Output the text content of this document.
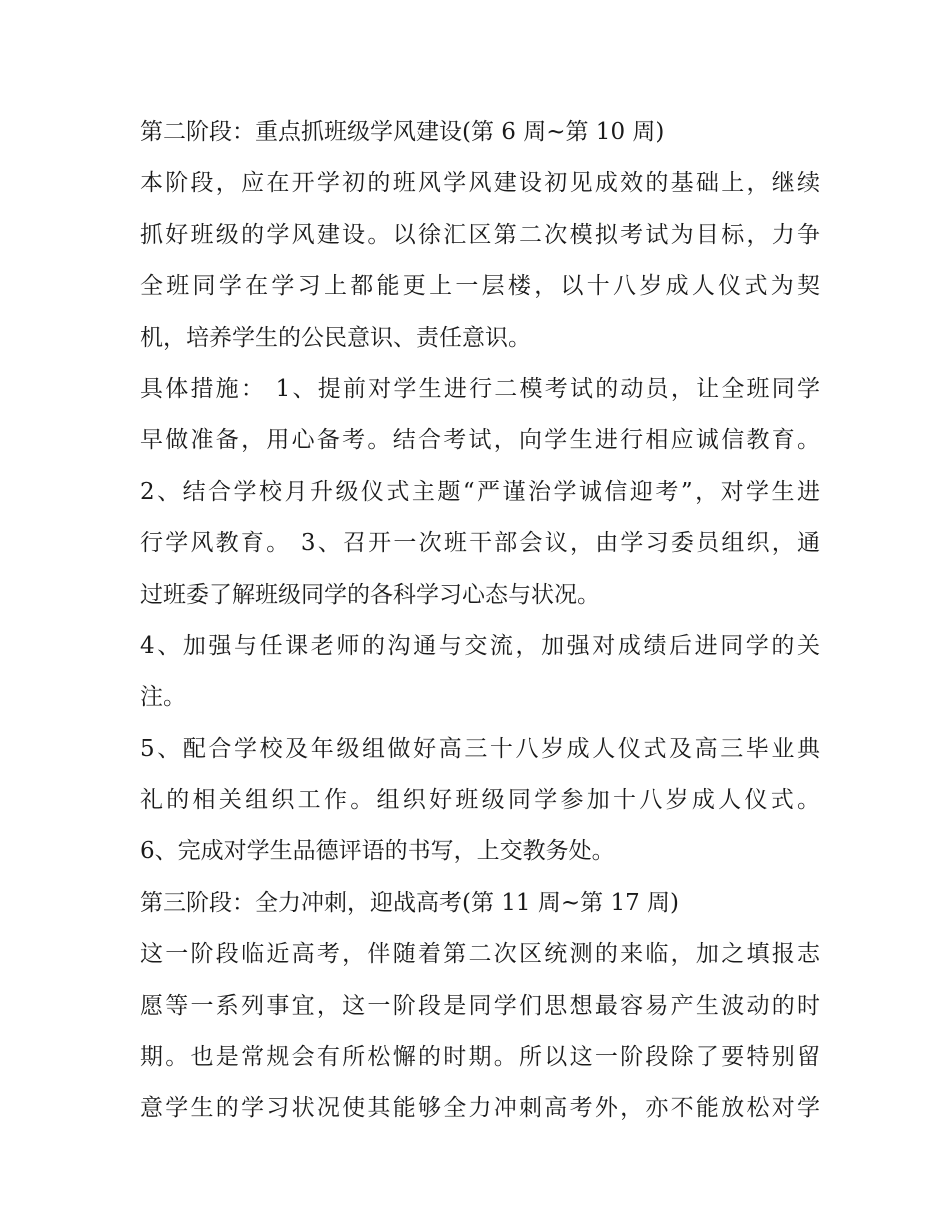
第二阶段：重点抓班级学风建设(第 6 周~第 10 周)
本阶段，应在开学初的班风学风建设初见成效的基础上，继续
抓好班级的学风建设。以徐汇区第二次模拟考试为目标，力争
全班同学在学习上都能更上一层楼，以十八岁成人仪式为契
机，培养学生的公民意识、责任意识。
具体措施： 1、提前对学生进行二模考试的动员，让全班同学
早做准备，用心备考。结合考试，向学生进行相应诚信教育。
2、结合学校月升级仪式主题“严谨治学诚信迎考”，对学生进
行学风教育。 3、召开一次班干部会议，由学习委员组织，通
过班委了解班级同学的各科学习心态与状况。
4、加强与任课老师的沟通与交流，加强对成绩后进同学的关
注。
5、配合学校及年级组做好高三十八岁成人仪式及高三毕业典
礼的相关组织工作。组织好班级同学参加十八岁成人仪式。
6、完成对学生品德评语的书写，上交教务处。
第三阶段：全力冲刺，迎战高考(第 11 周~第 17 周)
这一阶段临近高考，伴随着第二次区统测的来临，加之填报志
愿等一系列事宜，这一阶段是同学们思想最容易产生波动的时
期。也是常规会有所松懈的时期。所以这一阶段除了要特别留
意学生的学习状况使其能够全力冲刺高考外，亦不能放松对学
